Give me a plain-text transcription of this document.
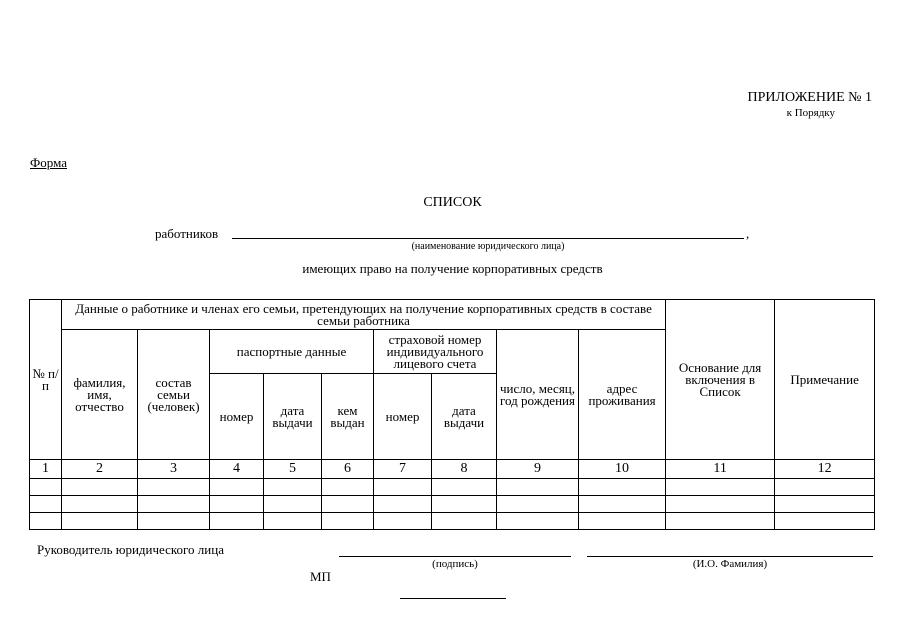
ПРИЛОЖЕНИЕ № 1
к Порядку
Форма
СПИСОК
работников	,
(наименование юридического лица)
имеющих право на получение корпоративных средств
№ п/п	Данные о работнике и членах его семьи, претендующих на получение корпоративных средств в составе семьи работника									Основание для включения в Список	Примечание
	фамилия, имя, отчество	состав семьи (человек)	паспортные данные			страховой номер индивидуального лицевого счета		число, месяц, год рождения	адрес проживания		
			номер	дата выдачи	кем выдан	номер	дата выдачи				
1	2	3	4	5	6	7	8	9	10	11	12

Руководитель юридического лица
(подпись)	(И.О. Фамилия)
МП
